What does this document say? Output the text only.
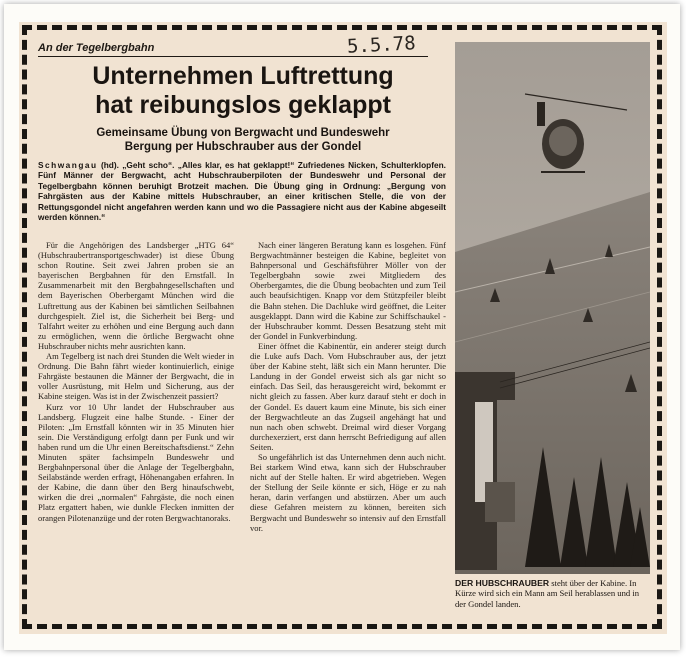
An der Tegelbergbahn	5.5.78
Unternehmen Luftrettung
hat reibungslos geklappt
Gemeinsame Übung von Bergwacht und Bundeswehr
Bergung per Hubschrauber aus der Gondel
Schwangau (hd). „Geht scho“. „Alles klar, es hat geklappt!“ Zufriedenes Nicken, Schulterklopfen. Fünf Männer der Bergwacht, acht Hubschrauberpiloten der Bundeswehr und Personal der Tegelbergbahn können beruhigt Brotzeit machen. Die Übung ging in Ordnung: „Bergung von Fahrgästen aus der Kabine mittels Hubschrauber, an einer kritischen Stelle, die von der Rettungsgondel nicht angefahren werden kann und wo die Passagiere nicht aus der Kabine abgeseilt werden können.“

Für die Angehörigen des Landsberger „HTG 64“ (Hubschraubertransportgeschwader) ist diese Übung schon Routine. Seit zwei Jahren proben sie an bayerischen Bergbahnen für den Ernstfall. In Zusammenarbeit mit den Bergbahngesellschaften und dem Bayerischen Oberbergamt München wird die Luftrettung aus der Kabinen bei sämtlichen Seilbahnen durchgespielt. Ziel ist, die Sicherheit bei Berg- und Talfahrt weiter zu erhöhen und eine Bergung auch dann zu ermöglichen, wenn die örtliche Bergwacht ohne Hubschrauber nichts mehr ausrichten kann.

Am Tegelberg ist nach drei Stunden die Welt wieder in Ordnung. Die Bahn fährt wieder kontinuierlich, einige Fahrgäste bestaunen die Männer der Bergwacht, die in voller Ausrüstung, mit Helm und Sicherung, aus der Kabine steigen. Was ist in der Zwischenzeit passiert?

Kurz vor 10 Uhr landet der Hubschrauber aus Landsberg. Flugzeit eine halbe Stunde. - Einer der Piloten: „Im Ernstfall könnten wir in 35 Minuten hier sein. Die Verständigung erfolgt dann per Funk und wir haben rund um die Uhr einen Bereitschaftsdienst.“ Zehn Minuten später fachsimpeln Bundeswehr und Bergbahnpersonal über die Anlage der Tegelbergbahn, Seilabstände werden erfragt, Höhenangaben erfahren. In der Kabine, die dann über den Berg hinaufschwebt, wirken die drei „normalen“ Fahrgäste, die noch einen Platz ergattert haben, wie dunkle Flecken inmitten der orangen Pilotenanzüge und der roten Bergwachtanoraks.

Nach einer längeren Beratung kann es losgehen. Fünf Bergwachtmänner besteigen die Kabine, begleitet von Bahnpersonal und Geschäftsführer Möller von der Tegelbergbahn sowie zwei Mitgliedern des Oberbergamtes, die die Übung beobachten und zum Teil auch beaufsichtigen. Knapp vor dem Stützpfeiler bleibt die Bahn stehen. Die Dachluke wird geöffnet, die Leiter ausgeklappt. Dann wird die Kabine zur Schiffschaukel - der Hubschrauber kommt. Dessen Besatzung steht mit der Gondel in Funkverbindung.

Einer öffnet die Kabinentür, ein anderer steigt durch die Luke aufs Dach. Vom Hubschrauber aus, der jetzt über der Kabine steht, läßt sich ein Mann herunter. Die Landung in der Gondel erweist sich als gar nicht so einfach. Das Seil, das herausgereicht wird, bekommt er nicht gleich zu fassen. Aber kurz darauf steht er doch in der Gondel. Es dauert kaum eine Minute, bis sich einer der Bergwachtleute an das Zugseil angehängt hat und nun nach oben schwebt. Dreimal wird dieser Vorgang durchexerziert, erst dann herrscht Befriedigung auf allen Seiten.

So ungefährlich ist das Unternehmen denn auch nicht. Bei starkem Wind etwa, kann sich der Hubschrauber nicht auf der Stelle halten. Er wird abgetrieben. Wegen der Stellung der Seile könnte er sich, Höge er zu nah heran, darin verfangen und abstürzen. Aber um auch diese Gefahren meistern zu können, bereiten sich Bergwacht und Bundeswehr so intensiv auf den Ernstfall vor.

DER HUBSCHRAUBER steht über der Kabine. In Kürze wird sich ein Mann am Seil herablassen und in der Gondel landen.
